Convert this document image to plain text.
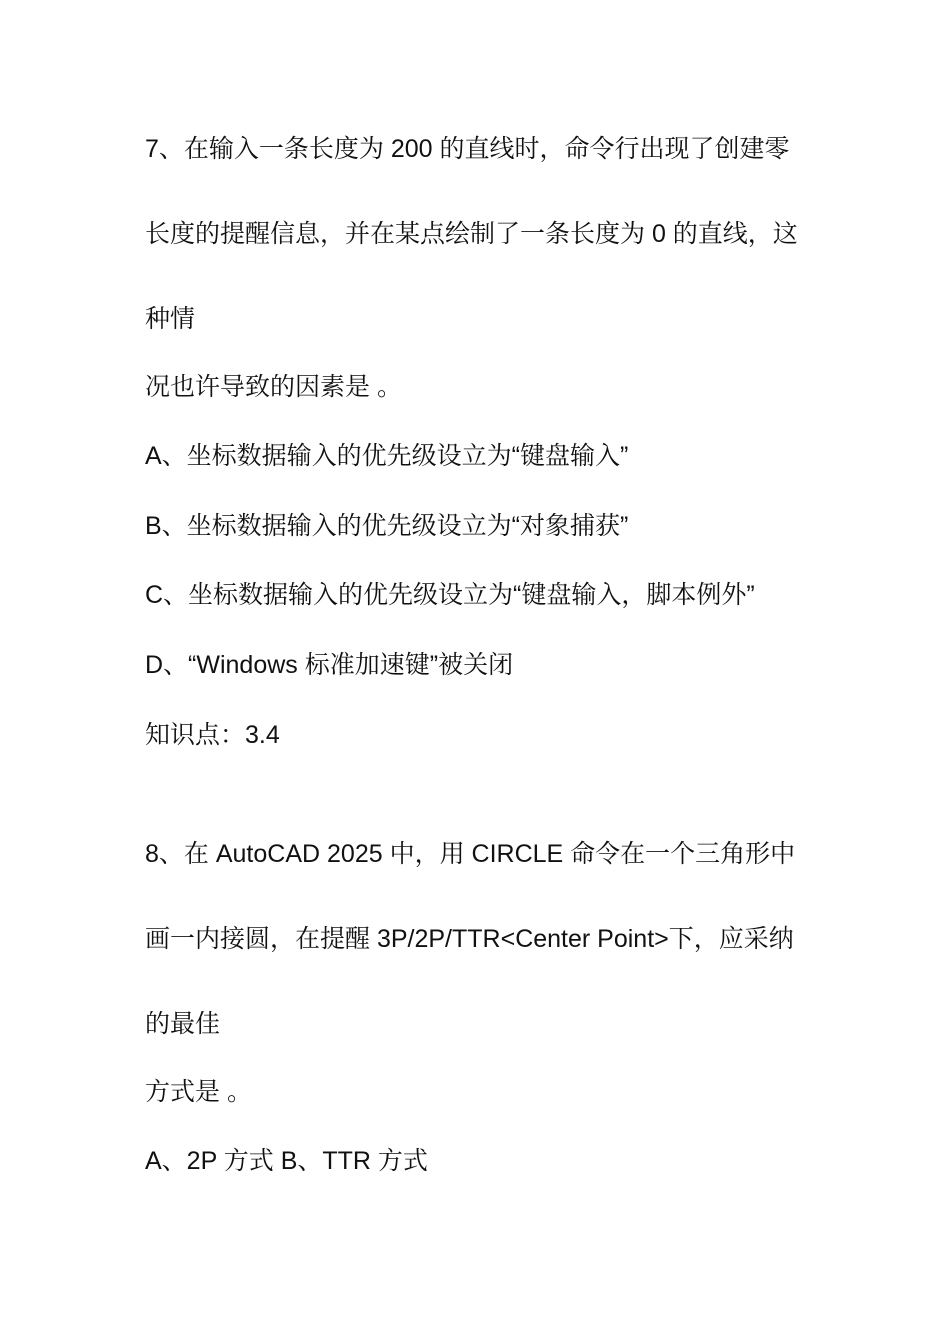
7、在输入一条长度为 200 的直线时，命令行出现了创建零

长度的提醒信息，并在某点绘制了一条长度为 0 的直线，这

种情

况也许导致的因素是 。

A、坐标数据输入的优先级设立为“键盘输入”

B、坐标数据输入的优先级设立为“对象捕获”

C、坐标数据输入的优先级设立为“键盘输入，脚本例外”

D、“Windows 标准加速键”被关闭

知识点：3.4

8、在 AutoCAD 2025 中，用 CIRCLE 命令在一个三角形中

画一内接圆，在提醒 3P/2P/TTR<Center Point>下，应采纳

的最佳

方式是 。

A、2P 方式 B、TTR 方式
